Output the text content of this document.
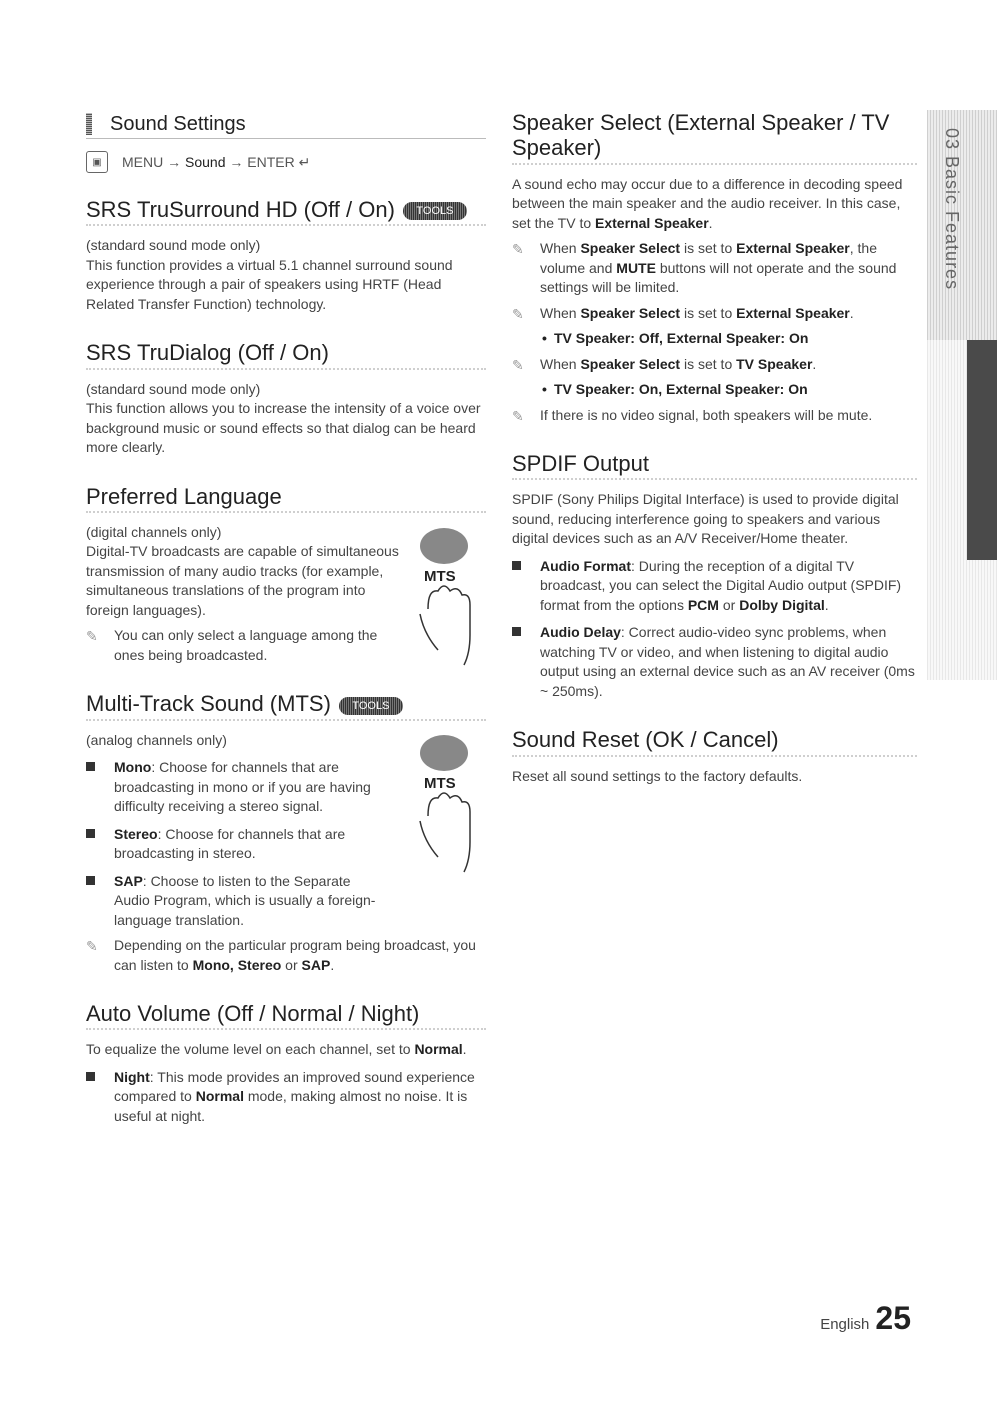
03 Basic Features
Sound Settings
▣	MENU
→
Sound
→
ENTER ↵
SRS TruSurround HD (Off / On) TOOLS

(standard sound mode only)

This function provides a virtual 5.1 channel surround sound experience through a pair of speakers using HRTF (Head Related Transfer Function) technology.

SRS TruDialog (Off / On)

(standard sound mode only)

This function allows you to increase the intensity of a voice over background music or sound effects so that dialog can be heard more clearly.

Preferred Language
MTS

(digital channels only)

Digital-TV broadcasts are capable of simultaneous transmission of many audio tracks (for example, simultaneous translations of the program into foreign languages).

✎ You can only select a language among the ones being broadcasted.

Multi-Track Sound (MTS) TOOLS
MTS

(analog channels only)

Mono: Choose for channels that are broadcasting in mono or if you are having difficulty receiving a stereo signal.

Stereo: Choose for channels that are broadcasting in stereo.

SAP: Choose to listen to the Separate Audio Program, which is usually a foreign-language translation.

✎ Depending on the particular program being broadcast, you can listen to Mono, Stereo or SAP.

Auto Volume (Off / Normal / Night)

To equalize the volume level on each channel, set to Normal.

Night: This mode provides an improved sound experience compared to Normal mode, making almost no noise. It is useful at night.

Speaker Select (External Speaker / TV Speaker)

A sound echo may occur due to a difference in decoding speed between the main speaker and the audio receiver. In this case, set the TV to External Speaker.

✎ When Speaker Select is set to External Speaker, the volume and MUTE buttons will not operate and the sound settings will be limited.

✎ When Speaker Select is set to External Speaker.

• TV Speaker: Off, External Speaker: On

✎ When Speaker Select is set to TV Speaker.

• TV Speaker: On, External Speaker: On

✎ If there is no video signal, both speakers will be mute.

SPDIF Output

SPDIF (Sony Philips Digital Interface) is used to provide digital sound, reducing interference going to speakers and various digital devices such as an A/V Receiver/Home theater.

Audio Format: During the reception of a digital TV broadcast, you can select the Digital Audio output (SPDIF) format from the options PCM or Dolby Digital.

Audio Delay: Correct audio-video sync problems, when watching TV or video, and when listening to digital audio output using an external device such as an AV receiver (0ms ~ 250ms).

Sound Reset (OK / Cancel)

Reset all sound settings to the factory defaults.

English 25
